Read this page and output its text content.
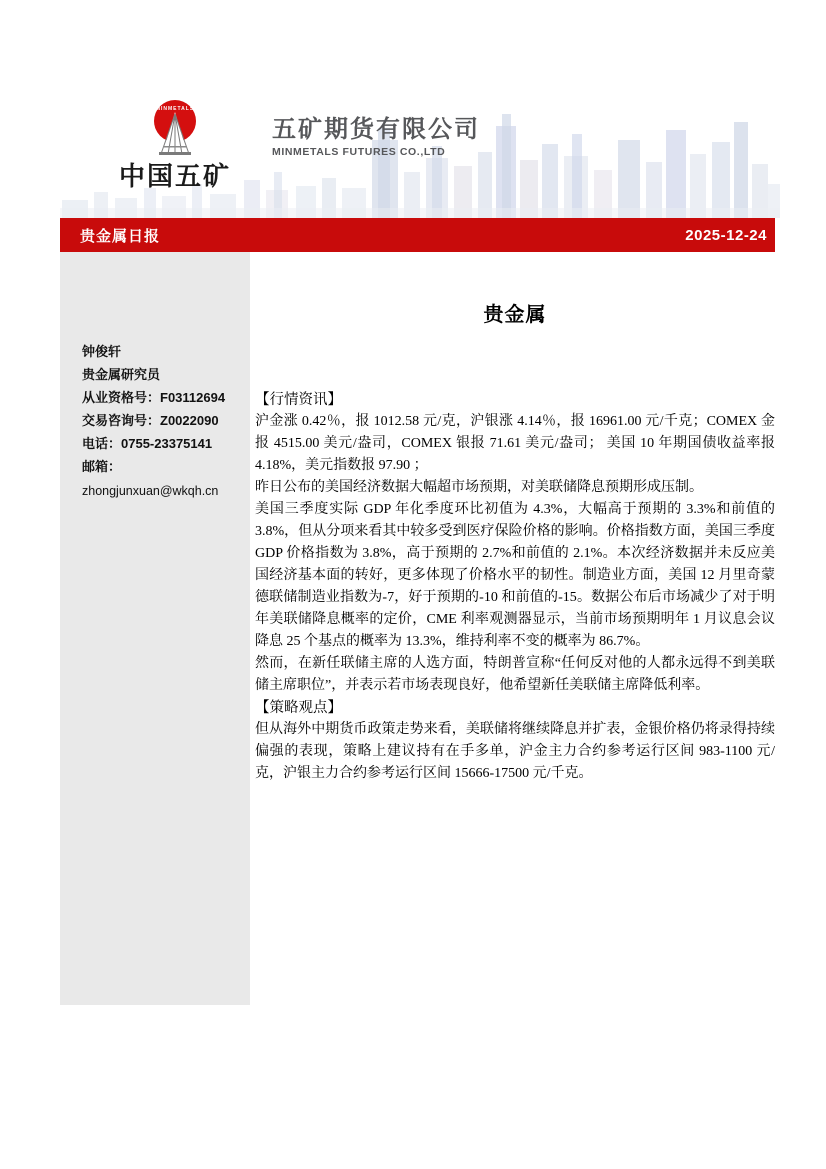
MINMETALS
中国五矿
五矿期货有限公司
MINMETALS FUTURES CO.,LTD
贵金属日报	2025-12-24
钟俊轩
贵金属研究员
从业资格号：F03112694
交易咨询号：Z0022090
电话：0755-23375141
邮箱：
zhongjunxuan@wkqh.cn
贵金属
【行情资讯】

沪金涨 0.42％，报 1012.58 元/克，沪银涨 4.14％，报 16961.00 元/千克；COMEX 金报 4515.00 美元/盎司，COMEX 银报 71.61 美元/盎司； 美国 10 年期国债收益率报 4.18%，美元指数报 97.90 ；

昨日公布的美国经济数据大幅超市场预期，对美联储降息预期形成压制。

美国三季度实际 GDP 年化季度环比初值为 4.3%，大幅高于预期的 3.3%和前值的 3.8%，但从分项来看其中较多受到医疗保险价格的影响。价格指数方面，美国三季度 GDP 价格指数为 3.8%，高于预期的 2.7%和前值的 2.1%。本次经济数据并未反应美国经济基本面的转好，更多体现了价格水平的韧性。制造业方面，美国 12 月里奇蒙德联储制造业指数为-7，好于预期的-10 和前值的-15。数据公布后市场减少了对于明年美联储降息概率的定价，CME 利率观测器显示，当前市场预期明年 1 月议息会议降息 25 个基点的概率为 13.3%，维持利率不变的概率为 86.7%。

然而，在新任联储主席的人选方面，特朗普宣称“任何反对他的人都永远得不到美联储主席职位”，并表示若市场表现良好，他希望新任美联储主席降低利率。

【策略观点】

但从海外中期货币政策走势来看，美联储将继续降息并扩表，金银价格仍将录得持续偏强的表现，策略上建议持有在手多单，沪金主力合约参考运行区间 983-1100 元/克，沪银主力合约参考运行区间 15666-17500 元/千克。
